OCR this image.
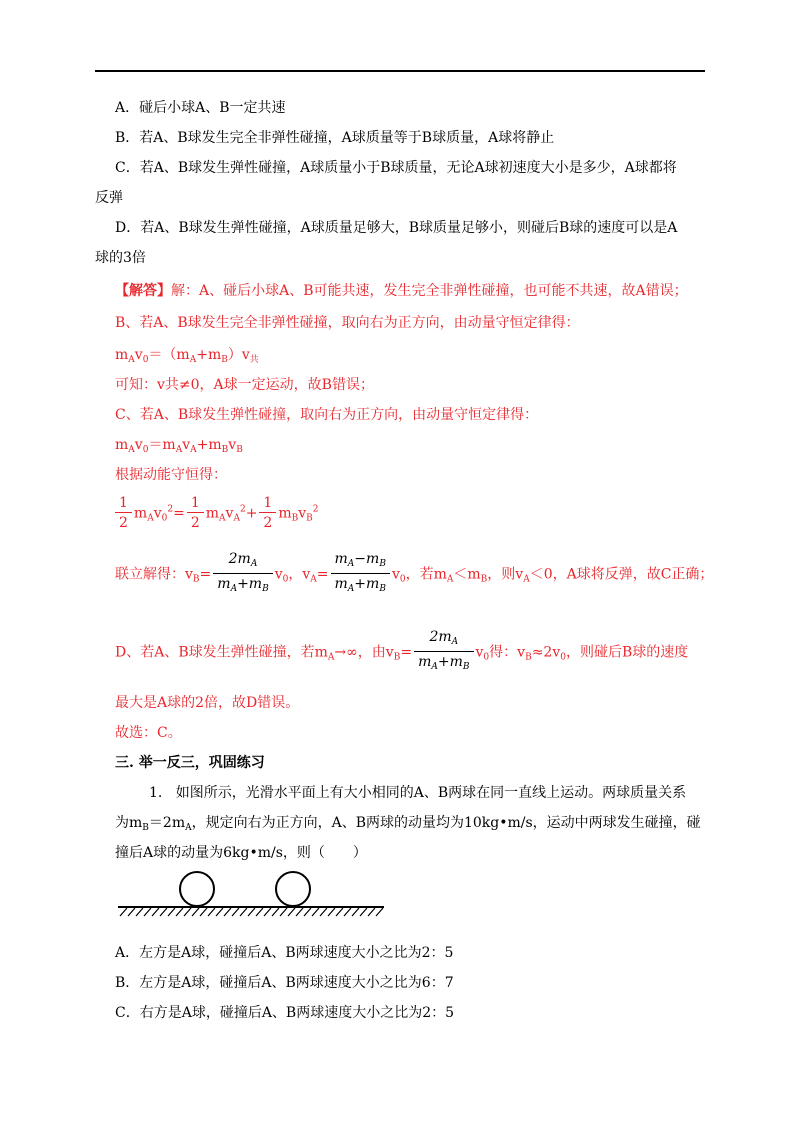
A．碰后小球A、B一定共速
B．若A、B球发生完全非弹性碰撞，A球质量等于B球质量，A球将静止
C．若A、B球发生弹性碰撞，A球质量小于B球质量，无论A球初速度大小是多少，A球都将
反弹
D．若A、B球发生弹性碰撞，A球质量足够大，B球质量足够小，则碰后B球的速度可以是A
球的3倍
【解答】解：A、碰后小球A、B可能共速，发生完全非弹性碰撞，也可能不共速，故A错误；
B、若A、B球发生完全非弹性碰撞，取向右为正方向，由动量守恒定律得：
$m_Av_0=(m_A+m_B)v_共$
可知：v共≠0，A球一定运动，故B错误；
C、若A、B球发生弹性碰撞，取向右为正方向，由动量守恒定律得：
$m_Av_0=m_Av_A+m_Bv_B$
根据动能守恒得：
$\frac{1}{2} m_Av_0^2= \frac{1}{2} m_Av_A^2+ \frac{1}{2} m_Bv_B^2$
联立解得：$v_B= \frac{2m_A}{m_A+m_B} v_0$，$v_A= \frac{m_A-m_B}{m_A+m_B} v_0$，若$m_A<m_B$，则$v_A<0$，A球将反弹，故C正确；
D、若A、B球发生弹性碰撞，若$m_A\to\infty$，由$v_B= \frac{2m_A}{m_A+m_B} v_0$得：$v_B\approx 2v_0$，则碰后B球的速度
最大是A球的2倍，故D错误。
故选：C。
三. 举一反三，巩固练习
1. 如图所示，光滑水平面上有大小相同的A、B两球在同一直线上运动。两球质量关系
为$m_B=2m_A$，规定向右为正方向，A、B两球的动量均为10kg•m/s，运动中两球发生碰撞，碰
撞后A球的动量为6kg•m/s，则（　　）
A．左方是A球，碰撞后A、B两球速度大小之比为2：5
B．左方是A球，碰撞后A、B两球速度大小之比为6：7
C．右方是A球，碰撞后A、B两球速度大小之比为2：5
